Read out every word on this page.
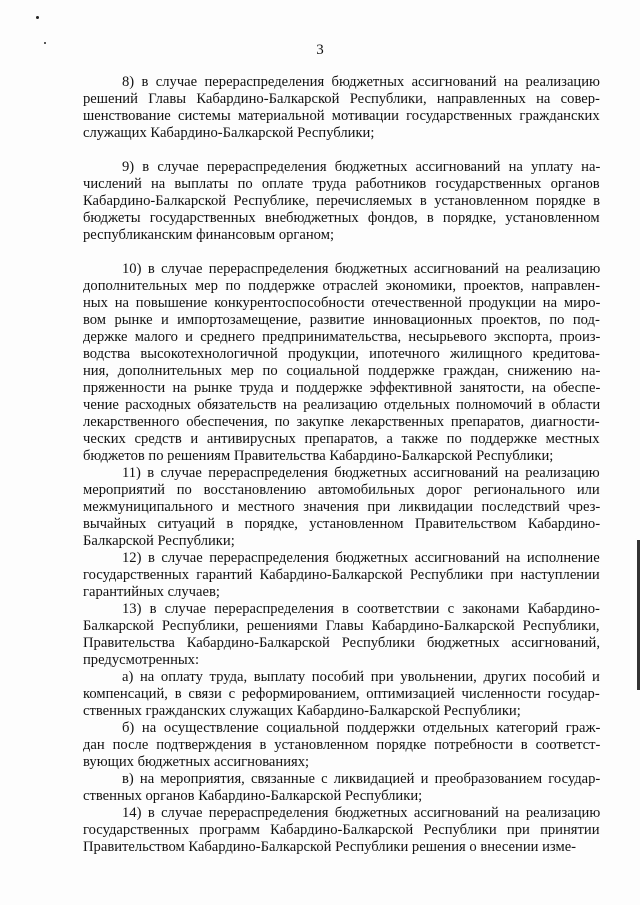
3
8) в случае перераспределения бюджетных ассигнований на реализацию
решений Главы Кабардино-Балкарской Республики, направленных на совер-
шенствование системы материальной мотивации государственных гражданских
служащих Кабардино-Балкарской Республики;
9) в случае перераспределения бюджетных ассигнований на уплату на-
числений на выплаты по оплате труда работников государственных органов
Кабардино-Балкарской Республике, перечисляемых в установленном порядке в
бюджеты государственных внебюджетных фондов, в порядке, установленном
республиканским финансовым органом;
10) в случае перераспределения бюджетных ассигнований на реализацию
дополнительных мер по поддержке отраслей экономики, проектов, направлен-
ных на повышение конкурентоспособности отечественной продукции на миро-
вом рынке и импортозамещение, развитие инновационных проектов, по под-
держке малого и среднего предпринимательства, несырьевого экспорта, произ-
водства высокотехнологичной продукции, ипотечного жилищного кредитова-
ния, дополнительных мер по социальной поддержке граждан, снижению на-
пряженности на рынке труда и поддержке эффективной занятости, на обеспе-
чение расходных обязательств на реализацию отдельных полномочий в области
лекарственного обеспечения, по закупке лекарственных препаратов, диагности-
ческих средств и антивирусных препаратов, а также по поддержке местных
бюджетов по решениям Правительства Кабардино-Балкарской Республики;
11) в случае перераспределения бюджетных ассигнований на реализацию
мероприятий по восстановлению автомобильных дорог регионального или
межмуниципального и местного значения при ликвидации последствий чрез-
вычайных ситуаций в порядке, установленном Правительством Кабардино-
Балкарской Республики;
12) в случае перераспределения бюджетных ассигнований на исполнение
государственных гарантий Кабардино-Балкарской Республики при наступлении
гарантийных случаев;
13) в случае перераспределения в соответствии с законами Кабардино-
Балкарской Республики, решениями Главы Кабардино-Балкарской Республики,
Правительства Кабардино-Балкарской Республики бюджетных ассигнований,
предусмотренных:
а) на оплату труда, выплату пособий при увольнении, других пособий и
компенсаций, в связи с реформированием, оптимизацией численности государ-
ственных гражданских служащих Кабардино-Балкарской Республики;
б) на осуществление социальной поддержки отдельных категорий граж-
дан после подтверждения в установленном порядке потребности в соответст-
вующих бюджетных ассигнованиях;
в) на мероприятия, связанные с ликвидацией и преобразованием государ-
ственных органов Кабардино-Балкарской Республики;
14) в случае перераспределения бюджетных ассигнований на реализацию
государственных программ Кабардино-Балкарской Республики при принятии
Правительством Кабардино-Балкарской Республики решения о внесении изме-
